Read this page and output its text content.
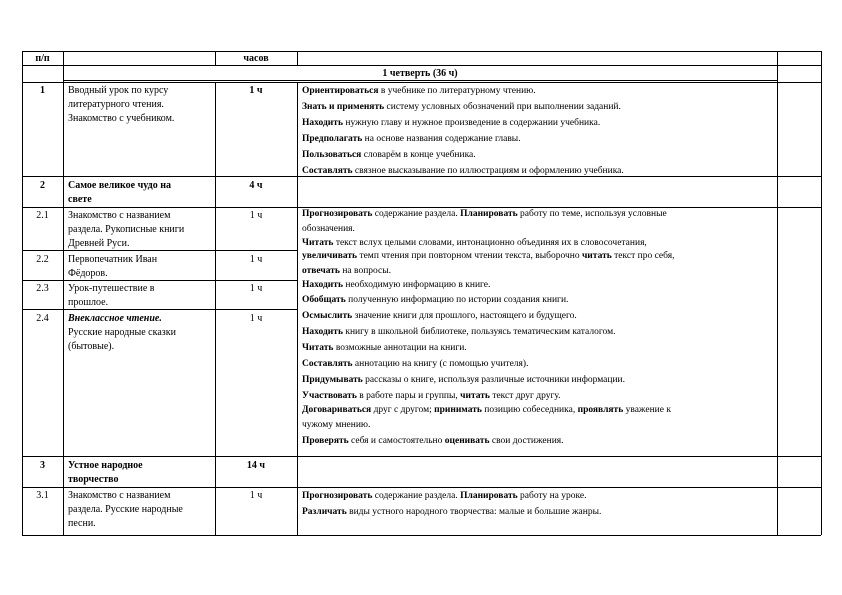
п/п	часов
1 четверть (36 ч)
1	Вводный урок по курсу
литературного чтения.
Знакомство с учебником.
1 ч	Ориентироваться в учебнике по литературному чтению.
Знать и применять систему условных обозначений при выполнении заданий.
Находить нужную главу и нужное произведение в содержании учебника.
Предполагать на основе названия содержание главы.
Пользоваться словарём в конце учебника.
Составлять связное высказывание по иллюстрациям и оформлению учебника.
2	Самое великое чудо на
свете
4 ч
2.1	Знакомство с названием
раздела. Рукописные книги
Древней Руси.
1 ч
2.2	Первопечатник Иван
Фёдоров.
1 ч
2.3	Урок-путешествие в
прошлое.
1 ч
2.4	Внеклассное чтение.
Русские народные сказки
(бытовые).
1 ч
Прогнозировать содержание раздела. Планировать работу по теме, используя условные
обозначения.
Читать текст вслух целыми словами, интонационно объединяя их в словосочетания,
увеличивать темп чтения при повторном чтении текста, выборочно читать текст про себя,
отвечать на вопросы.
Находить необходимую информацию в книге.
Обобщать полученную информацию по истории создания книги.
Осмыслить значение книги для прошлого, настоящего и будущего.
Находить книгу в школьной библиотеке, пользуясь тематическим каталогом.
Читать возможные аннотации на книги.
Составлять аннотацию на книгу (с помощью учителя).
Придумывать рассказы о книге, используя различные источники информации.
Участвовать в работе пары и группы, читать текст друг другу.
Договариваться друг с другом; принимать позицию собеседника, проявлять уважение к
чужому мнению.
Проверять себя и самостоятельно оценивать свои достижения.
3	Устное народное
творчество
14 ч
3.1	Знакомство с названием
раздела. Русские народные
песни.
1 ч	Прогнозировать содержание раздела. Планировать работу на уроке.
Различать виды устного народного творчества: малые и большие жанры.
